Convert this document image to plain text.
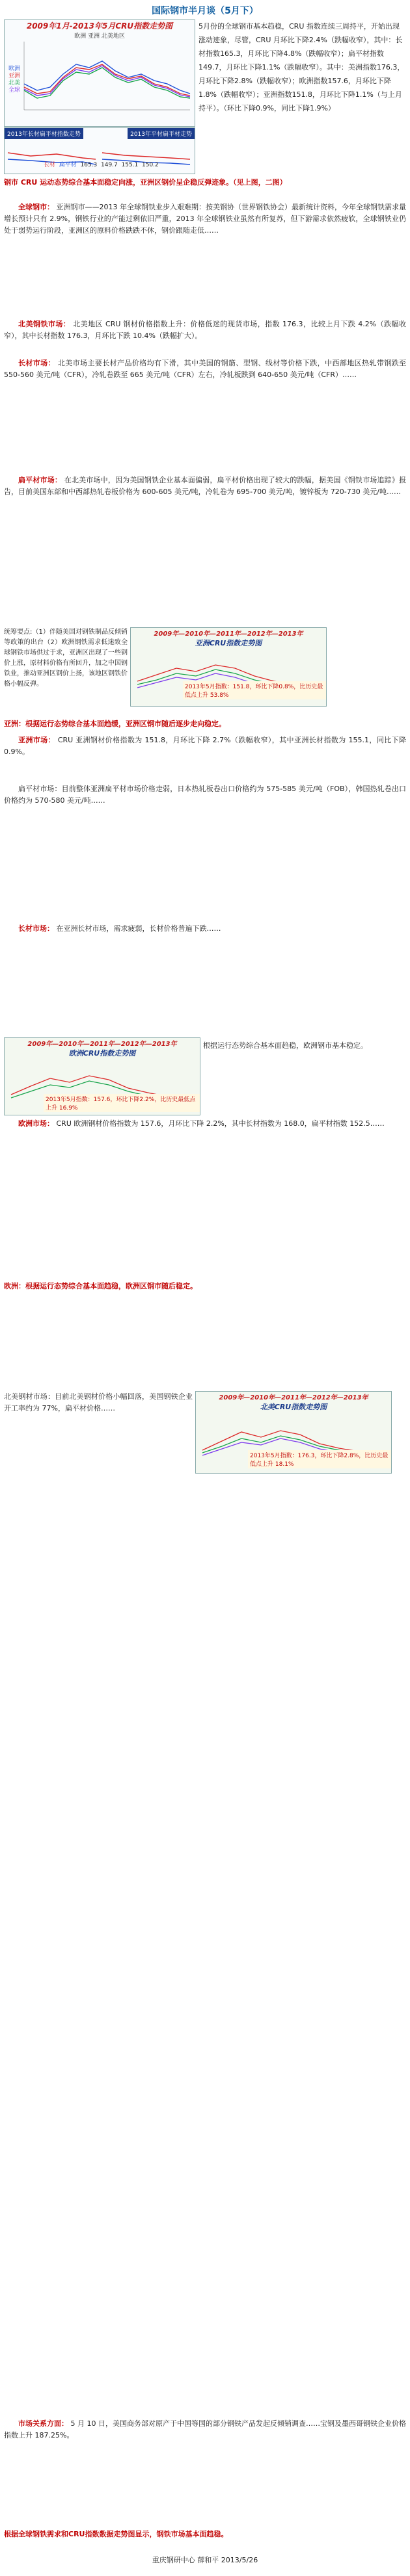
国际钢市半月谈（5月下）
2009年1月-2013年5月CRU指数走势图
欧洲 亚洲 北美地区
欧洲
亚洲
北美
全球
2013年长材扁平材指数走势	2013年平材扁平材走势
长材 扁平材 165.3 149.7 155.1 150.2
5月份的全球钢市基本趋稳，CRU 指数连续三周持平，开始出现涨动迹象，尽管，CRU 月环比下降2.4%（跌幅收窄），其中：长材指数165.3，月环比下降4.8%（跌幅收窄）；扁平材指数149.7，月环比下降1.1%（跌幅收窄）。其中：美洲指数176.3，月环比下降2.8%（跌幅收窄）；欧洲指数157.6，月环比下降1.8%（跌幅收窄）；亚洲指数151.8，月环比下降1.1%（与上月持平）。（环比下降0.9%，同比下降1.9%）
钢市 CRU 运动态势综合基本面稳定向涨，亚洲区钢价呈企稳反弹迹象。（见上图，二图）
全球钢市： 亚洲钢市——2013 年全球钢铁业步入艰难期：按美钢协（世界钢铁协会）最新统计资料，今年全球钢铁需求量增长预计只有 2.9%，钢铁行业的产能过剩依旧严重，2013 年全球钢铁业虽然有所复苏，但下游需求依然疲软，全球钢铁业仍处于弱势运行阶段，亚洲区的原料价格跌跌不休，钢价跟随走低……
北美钢铁市场： 北美地区 CRU 钢材价格指数上升：价格低迷的现货市场，指数 176.3，比较上月下跌 4.2%（跌幅收窄），其中长材指数 176.3，月环比下跌 10.4%（跌幅扩大）。
长材市场： 北美市场主要长材产品价格均有下滑，其中美国的钢筋、型钢、线材等价格下跌，中西部地区热轧带钢跌至 550-560 美元/吨（CFR），冷轧卷跌至 665 美元/吨（CFR）左右，冷轧板跌到 640-650 美元/吨（CFR）……
扁平材市场： 在北美市场中，因为美国钢铁企业基本面偏弱，扁平材价格出现了较大的跌幅，据美国《钢铁市场追踪》报告，目前美国东部和中西部热轧卷板价格为 600-605 美元/吨，冷轧卷为 695-700 美元/吨，镀锌板为 720-730 美元/吨……
2009年—2010年—2011年—2012年—2013年
亚洲CRU指数走势图
2013年5月指数：151.8，环比下降0.8%，比历史最低点上升 53.8%
统筹要点:（1）伴随美国对钢铁制品反倾销等政策的出台（2）欧洲钢铁需求低迷致全球钢铁市场供过于求，亚洲区出现了一些钢价上涨，原材料价格有所回升，加之中国钢铁业，推动亚洲区钢价上扬，该地区钢铁价格小幅反弹。
亚洲：根据运行态势综合基本面趋缓，亚洲区钢市随后逐步走向稳定。
亚洲市场： CRU 亚洲钢材价格指数为 151.8，月环比下降 2.7%（跌幅收窄），其中亚洲长材指数为 155.1，同比下降 0.9%。
扁平材市场：目前整体亚洲扁平材市场价格走弱，日本热轧板卷出口价格约为 575-585 美元/吨（FOB），韩国热轧卷出口价格约为 570-580 美元/吨……
长材市场： 在亚洲长材市场，需求疲弱，长材价格普遍下跌……
2009年—2010年—2011年—2012年—2013年
欧洲CRU指数走势图
2013年5月指数：157.6，环比下降2.2%，比历史最低点上升 16.9%
根据运行态势综合基本面趋稳，欧洲钢市基本稳定。
欧洲市场： CRU 欧洲钢材价格指数为 157.6，月环比下降 2.2%，其中长材指数为 168.0，扁平材指数 152.5……
欧洲：根据运行态势综合基本面趋稳，欧洲区钢市随后稳定。
2009年—2010年—2011年—2012年—2013年
北美CRU指数走势图
2013年5月指数：176.3，环比下降2.8%，比历史最低点上升 18.1%
北美钢材市场：目前北美钢材价格小幅回落，美国钢铁企业开工率约为 77%，扁平材价格……
市场关系方面： 5 月 10 日，美国商务部对原产于中国等国的部分钢铁产品发起反倾销调查……宝钢及墨西哥钢铁企业价格指数上升 187.25%。
根据全球钢铁需求和CRU指数数据走势图显示，钢铁市场基本面趋稳。
重庆钢研中心 薛和平 2013/5/26
